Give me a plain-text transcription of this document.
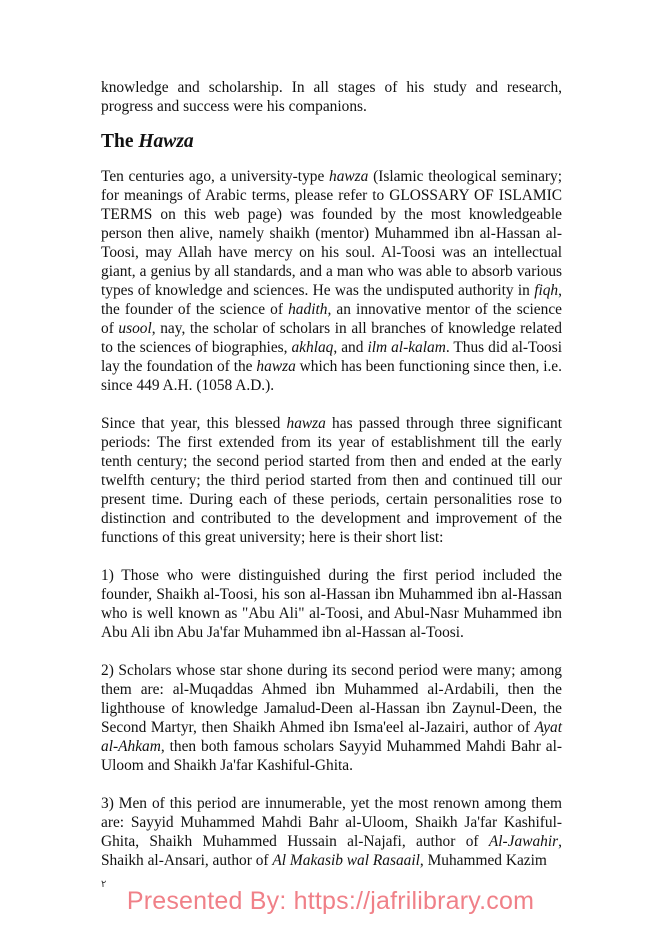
knowledge and scholarship. In all stages of his study and research, progress and success were his companions.

The Hawza

Ten centuries ago, a university-type hawza (Islamic theological seminary; for meanings of Arabic terms, please refer to GLOSSARY OF ISLAMIC TERMS on this web page) was founded by the most knowledgeable person then alive, namely shaikh (mentor) Muhammed ibn al-Hassan al-Toosi, may Allah have mercy on his soul. Al-Toosi was an intellectual giant, a genius by all standards, and a man who was able to absorb various types of knowledge and sciences. He was the undisputed authority in fiqh, the founder of the science of hadith, an innovative mentor of the science of usool, nay, the scholar of scholars in all branches of knowledge related to the sciences of biographies, akhlaq, and ilm al-kalam. Thus did al-Toosi lay the foundation of the hawza which has been functioning since then, i.e. since 449 A.H. (1058 A.D.).

Since that year, this blessed hawza has passed through three significant periods: The first extended from its year of establishment till the early tenth century; the second period started from then and ended at the early twelfth century; the third period started from then and continued till our present time. During each of these periods, certain personalities rose to distinction and contributed to the development and improvement of the functions of this great university; here is their short list:

1) Those who were distinguished during the first period included the founder, Shaikh al-Toosi, his son al-Hassan ibn Muhammed ibn al-Hassan who is well known as "Abu Ali" al-Toosi, and Abul-Nasr Muhammed ibn Abu Ali ibn Abu Ja'far Muhammed ibn al-Hassan al-Toosi.

2) Scholars whose star shone during its second period were many; among them are: al-Muqaddas Ahmed ibn Muhammed al-Ardabili, then the lighthouse of knowledge Jamalud-Deen al-Hassan ibn Zaynul-Deen, the Second Martyr, then Shaikh Ahmed ibn Isma'eel al-Jazairi, author of Ayat al-Ahkam, then both famous scholars Sayyid Muhammed Mahdi Bahr al-Uloom and Shaikh Ja'far Kashiful-Ghita.

3) Men of this period are innumerable, yet the most renown among them are: Sayyid Muhammed Mahdi Bahr al-Uloom, Shaikh Ja'far Kashiful-Ghita, Shaikh Muhammed Hussain al-Najafi, author of Al-Jawahir, Shaikh al-Ansari, author of Al Makasib wal Rasaail, Muhammed Kazim

٢
Presented By: https://jafrilibrary.com
